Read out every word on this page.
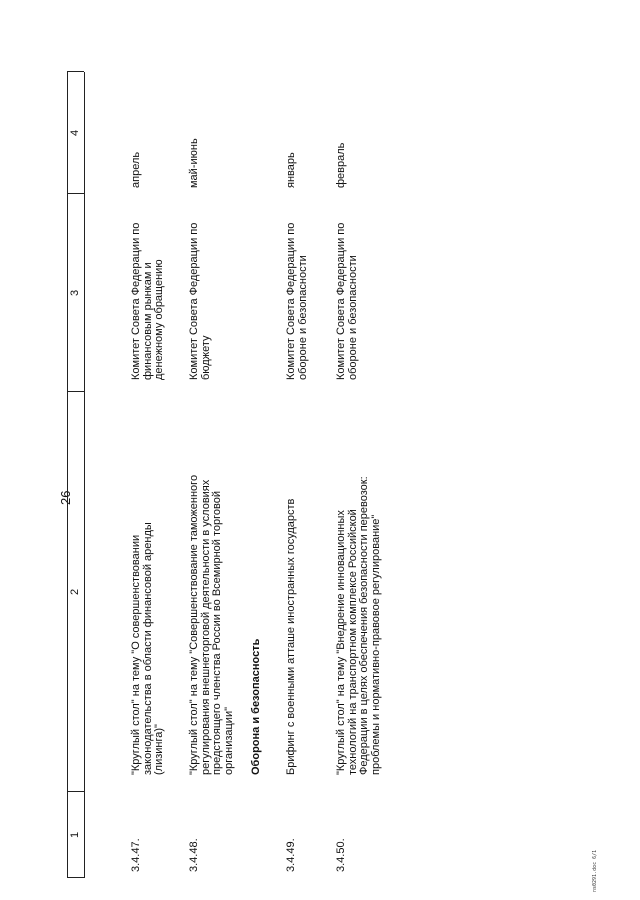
26
1
2
3
4
3.4.47.
"Круглый стол" на тему "О совершенствовании
законодательства в области финансовой аренды
(лизинга)"
Комитет Совета Федерации по
финансовым рынкам и
денежному обращению
апрель
3.4.48.
"Круглый стол" на тему "Совершенствование таможенного
регулирования внешнеторговой деятельности в условиях
предстоящего членства России во Всемирной торговой
организации"
Комитет Совета Федерации по
бюджету
май-июнь
Оборона и безопасность
3.4.49.
Брифинг с военными атташе иностранных государств
Комитет Совета Федерации по
обороне и безопасности
январь
3.4.50.
"Круглый стол" на тему "Внедрение инновационных
технологий на транспортном комплексе Российской
Федерации в целях обеспечения безопасности перевозок:
проблемы и нормативно-правовое регулирование"
Комитет Совета Федерации по
обороне и безопасности
февраль
ns0291.doc 6/1
